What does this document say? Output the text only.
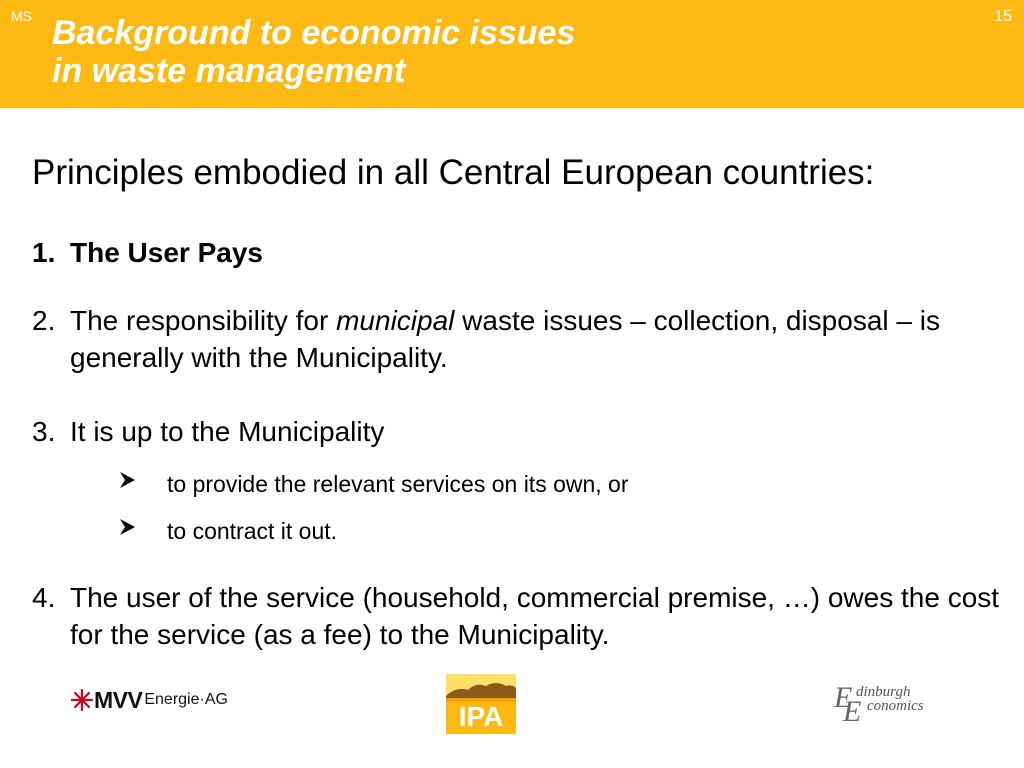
MS	15
Background to economic issues
in waste management
Principles embodied in all Central European countries:
1. The User Pays
2. The responsibility for municipal waste issues – collection, disposal – is generally with the Municipality.
3. It is up to the Municipality
to provide the relevant services on its own, or
to contract it out.
4. The user of the service (household, commercial premise, …) owes the cost for the service (as a fee) to the Municipality.
MVV Energie·AG
IPA
E
E
dinburgh
conomics
